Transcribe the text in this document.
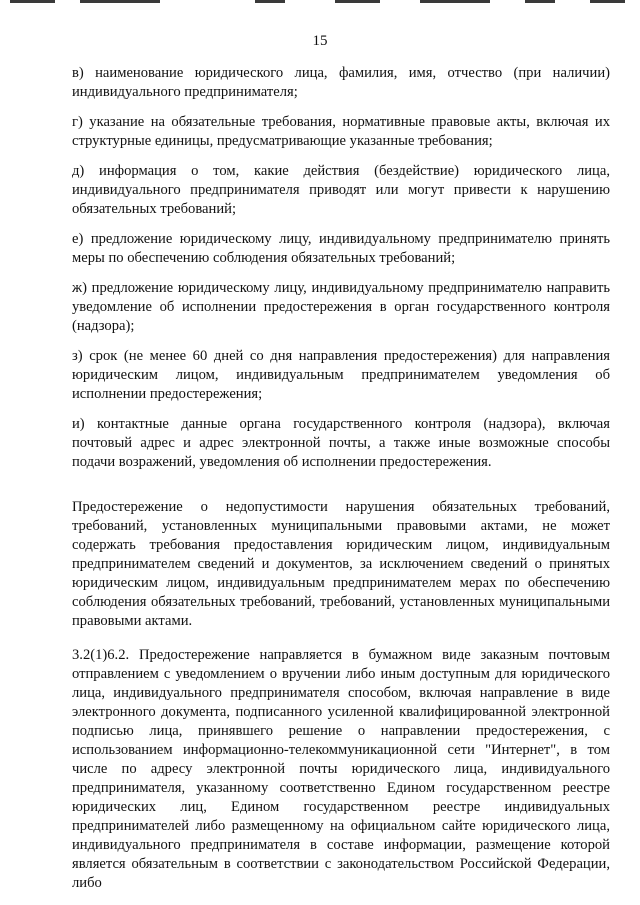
15

в) наименование юридического лица, фамилия, имя, отчество (при наличии) индивидуального предпринимателя;

г) указание на обязательные требования, нормативные правовые акты, включая их структурные единицы, предусматривающие указанные требования;

д) информация о том, какие действия (бездействие) юридического лица, индивидуального предпринимателя приводят или могут привести к нарушению обязательных требований;

е) предложение юридическому лицу, индивидуальному предпринимателю принять меры по обеспечению соблюдения обязательных требований;

ж) предложение юридическому лицу, индивидуальному предпринимателю направить уведомление об исполнении предостережения в орган государственного контроля (надзора);

з) срок (не менее 60 дней со дня направления предостережения) для направления юридическим лицом, индивидуальным предпринимателем уведомления об исполнении предостережения;

и) контактные данные органа государственного контроля (надзора), включая почтовый адрес и адрес электронной почты, а также иные возможные способы подачи возражений, уведомления об исполнении предостережения.

Предостережение о недопустимости нарушения обязательных требований, требований, установленных муниципальными правовыми актами, не может содержать требования предоставления юридическим лицом, индивидуальным предпринимателем сведений и документов, за исключением сведений о принятых юридическим лицом, индивидуальным предпринимателем мерах по обеспечению соблюдения обязательных требований, требований, установленных муниципальными правовыми актами.

3.2(1)6.2. Предостережение направляется в бумажном виде заказным почтовым отправлением с уведомлением о вручении либо иным доступным для юридического лица, индивидуального предпринимателя способом, включая направление в виде электронного документа, подписанного усиленной квалифицированной электронной подписью лица, принявшего решение о направлении предостережения, с использованием информационно-телекоммуникационной сети "Интернет", в том числе по адресу электронной почты юридического лица, индивидуального предпринимателя, указанному соответственно Едином государственном реестре юридических лиц, Едином государственном реестре индивидуальных предпринимателей либо размещенному на официальном сайте юридического лица, индивидуального предпринимателя в составе информации, размещение которой является обязательным в соответствии с законодательством Российской Федерации, либо
